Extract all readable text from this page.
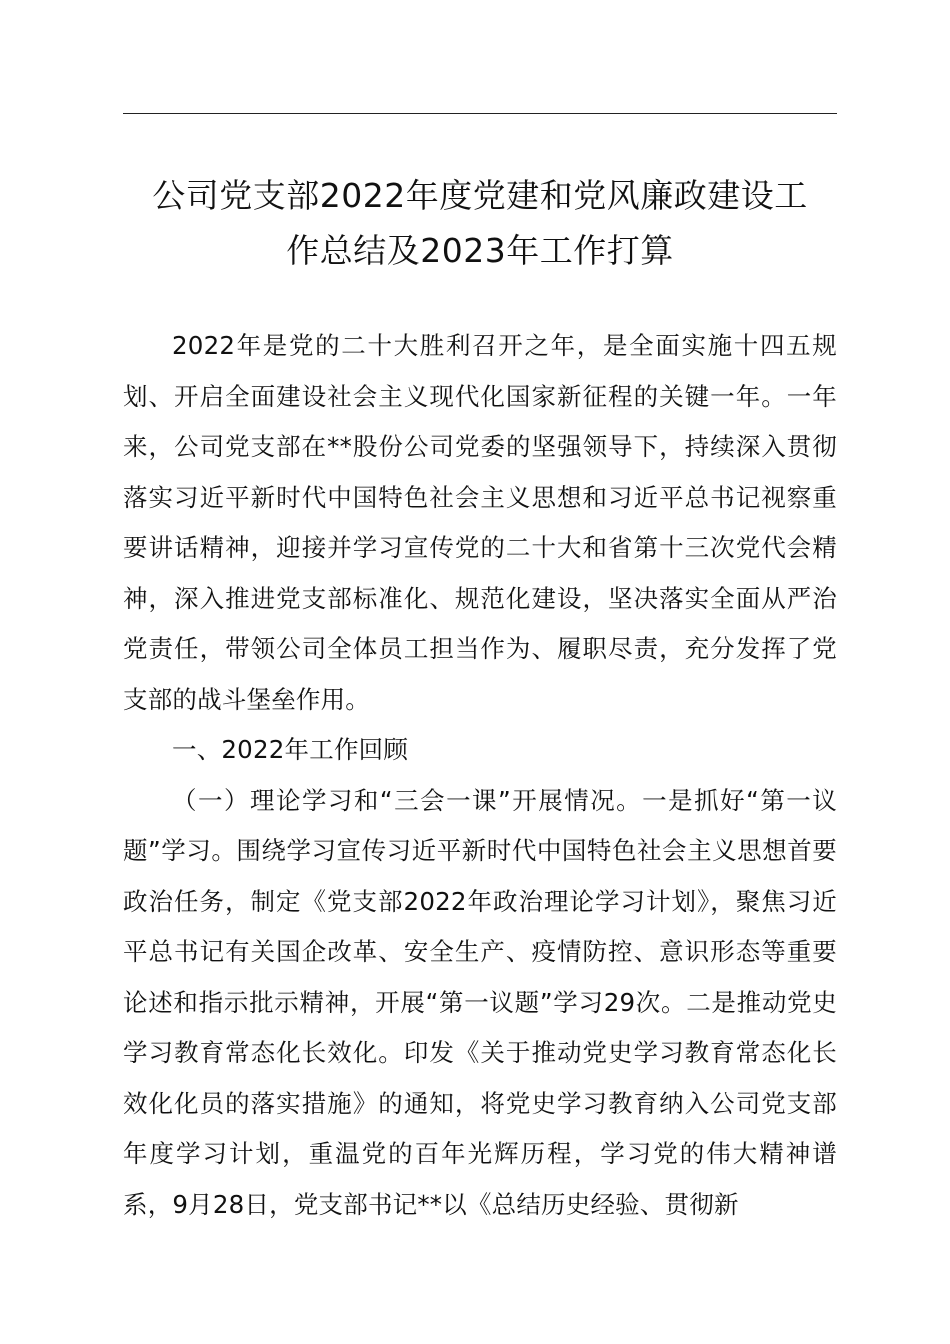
公司党支部2022年度党建和党风廉政建设工
作总结及2023年工作打算

2022年是党的二十大胜利召开之年，是全面实施十四五规划、开启全面建设社会主义现代化国家新征程的关键一年。一年来，公司党支部在**股份公司党委的坚强领导下，持续深入贯彻落实习近平新时代中国特色社会主义思想和习近平总书记视察重要讲话精神，迎接并学习宣传党的二十大和省第十三次党代会精神，深入推进党支部标准化、规范化建设，坚决落实全面从严治党责任，带领公司全体员工担当作为、履职尽责，充分发挥了党支部的战斗堡垒作用。

一、2022年工作回顾

（一）理论学习和“三会一课”开展情况。一是抓好“第一议题”学习。围绕学习宣传习近平新时代中国特色社会主义思想首要政治任务，制定《党支部2022年政治理论学习计划》，聚焦习近平总书记有关国企改革、安全生产、疫情防控、意识形态等重要论述和指示批示精神，开展“第一议题”学习29次。二是推动党史学习教育常态化长效化。印发《关于推动党史学习教育常态化长效化化员的落实措施》的通知，将党史学习教育纳入公司党支部年度学习计划，重温党的百年光辉历程，学习党的伟大精神谱系，9月28日，党支部书记**以《总结历史经验、贯彻新
